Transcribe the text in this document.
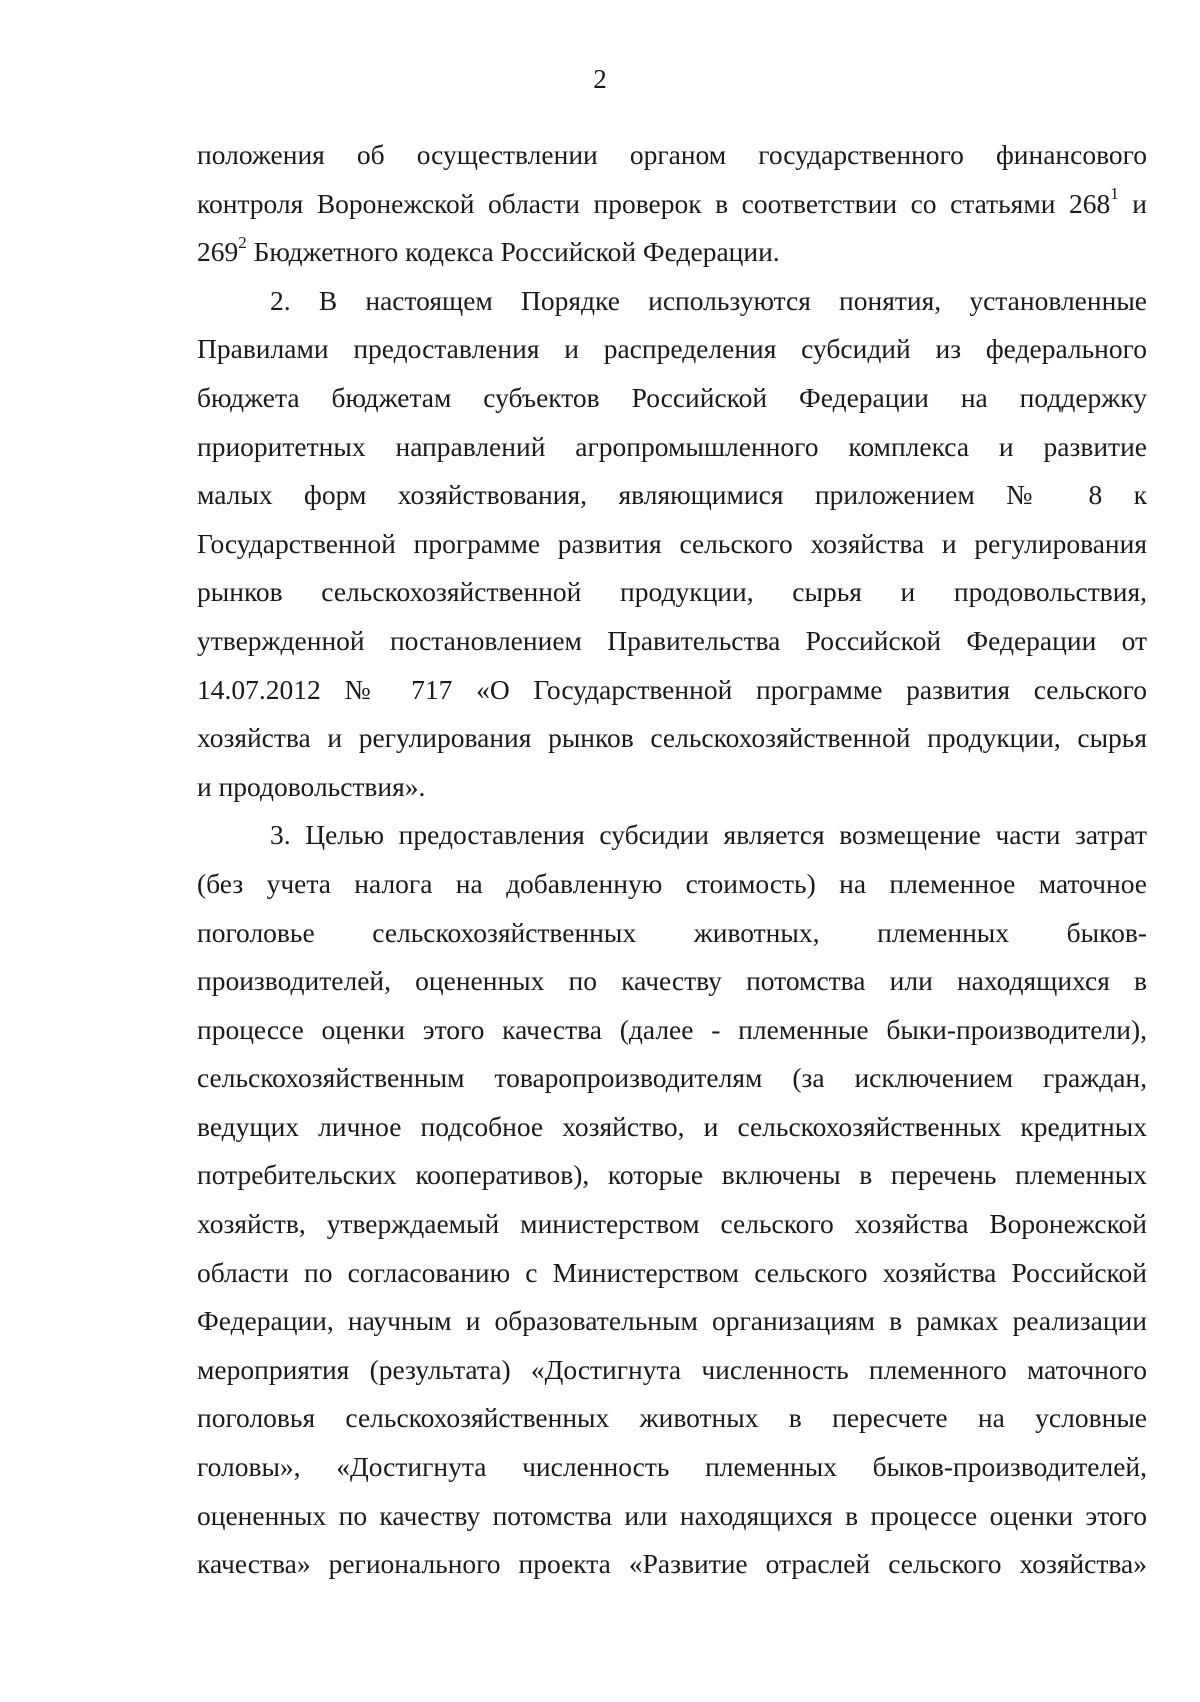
2
положения об осуществлении органом государственного финансового
контроля Воронежской области проверок в соответствии со статьями $268^1$ и
$269^2$ Бюджетного кодекса Российской Федерации.
2. В настоящем Порядке используются понятия, установленные
Правилами предоставления и распределения субсидий из федерального
бюджета бюджетам субъектов Российской Федерации на поддержку
приоритетных направлений агропромышленного комплекса и развитие
малых форм хозяйствования, являющимися приложением № 8 к
Государственной программе развития сельского хозяйства и регулирования
рынков сельскохозяйственной продукции, сырья и продовольствия,
утвержденной постановлением Правительства Российской Федерации от
14.07.2012 № 717 «О Государственной программе развития сельского
хозяйства и регулирования рынков сельскохозяйственной продукции, сырья
и продовольствия».
3. Целью предоставления субсидии является возмещение части затрат
(без учета налога на добавленную стоимость) на племенное маточное
поголовье сельскохозяйственных животных, племенных быков-
производителей, оцененных по качеству потомства или находящихся в
процессе оценки этого качества (далее - племенные быки-производители),
сельскохозяйственным товаропроизводителям (за исключением граждан,
ведущих личное подсобное хозяйство, и сельскохозяйственных кредитных
потребительских кооперативов), которые включены в перечень племенных
хозяйств, утверждаемый министерством сельского хозяйства Воронежской
области по согласованию с Министерством сельского хозяйства Российской
Федерации, научным и образовательным организациям в рамках реализации
мероприятия (результата) «Достигнута численность племенного маточного
поголовья сельскохозяйственных животных в пересчете на условные
головы», «Достигнута численность племенных быков-производителей,
оцененных по качеству потомства или находящихся в процессе оценки этого
качества» регионального проекта «Развитие отраслей сельского хозяйства»
